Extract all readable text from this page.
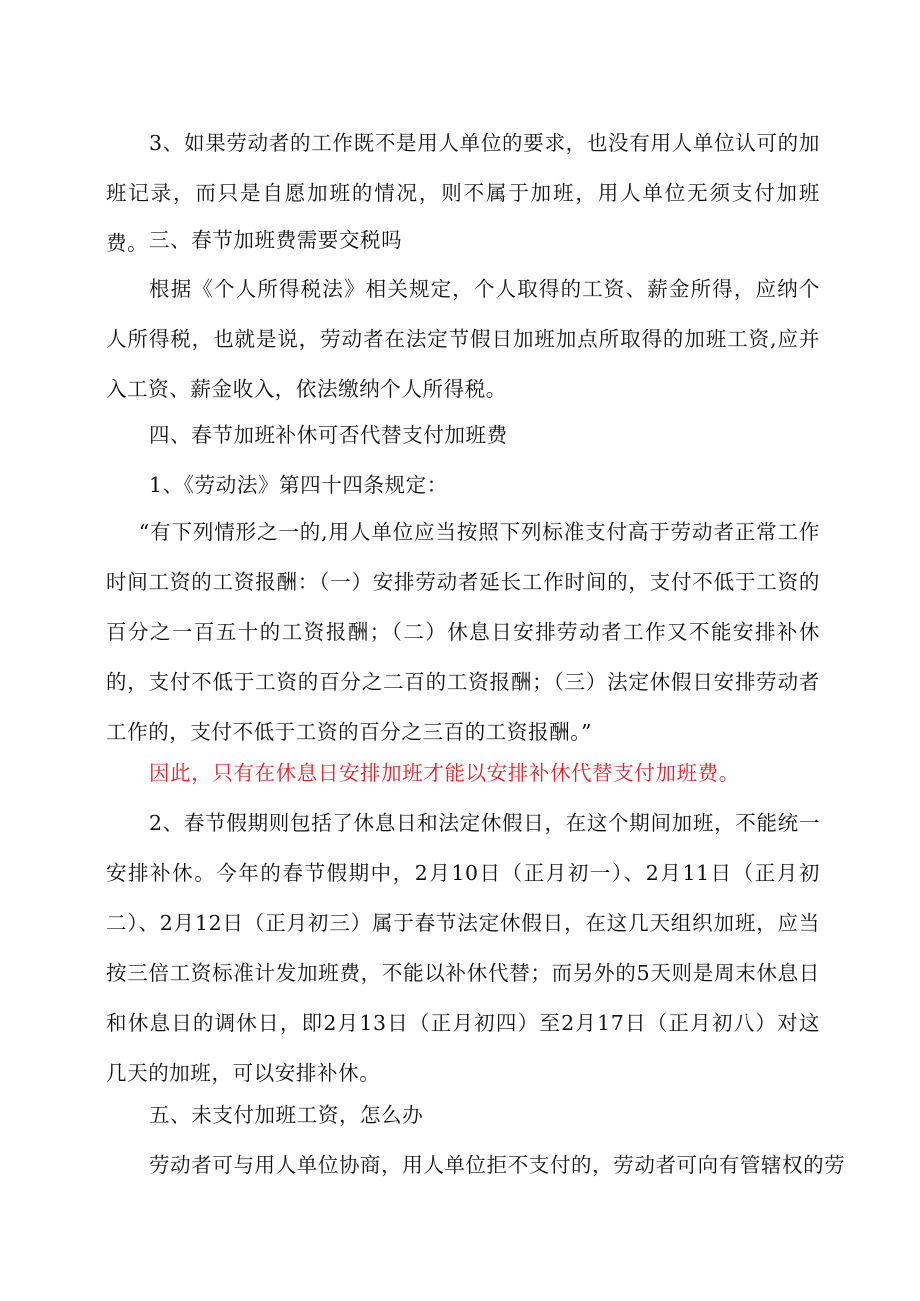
3、如果劳动者的工作既不是用人单位的要求，也没有用人单位认可的加班记录，而只是自愿加班的情况，则不属于加班，用人单位无须支付加班费。 三、春节加班费需要交税吗

根据《个人所得税法》相关规定，个人取得的工资、薪金所得，应纳个人所得税，也就是说，劳动者在法定节假日加班加点所取得的加班工资,应并入工资、薪金收入，依法缴纳个人所得税。

四、春节加班补休可否代替支付加班费

1、《劳动法》第四十四条规定：

“有下列情形之一的,用人单位应当按照下列标准支付高于劳动者正常工作时间工资的工资报酬：（一）安排劳动者延长工作时间的，支付不低于工资的百分之一百五十的工资报酬；（二）休息日安排劳动者工作又不能安排补休的，支付不低于工资的百分之二百的工资报酬；（三）法定休假日安排劳动者工作的，支付不低于工资的百分之三百的工资报酬。”

因此，只有在休息日安排加班才能以安排补休代替支付加班费。

2、春节假期则包括了休息日和法定休假日，在这个期间加班，不能统一安排补休。今年的春节假期中，2月10日（正月初一）、2月11日（正月初二）、2月12日（正月初三）属于春节法定休假日，在这几天组织加班，应当按三倍工资标准计发加班费，不能以补休代替；而另外的5天则是周末休息日和休息日的调休日，即2月13日（正月初四）至2月17日（正月初八）对这几天的加班，可以安排补休。

五、未支付加班工资，怎么办

劳动者可与用人单位协商，用人单位拒不支付的，劳动者可向有管辖权的劳
